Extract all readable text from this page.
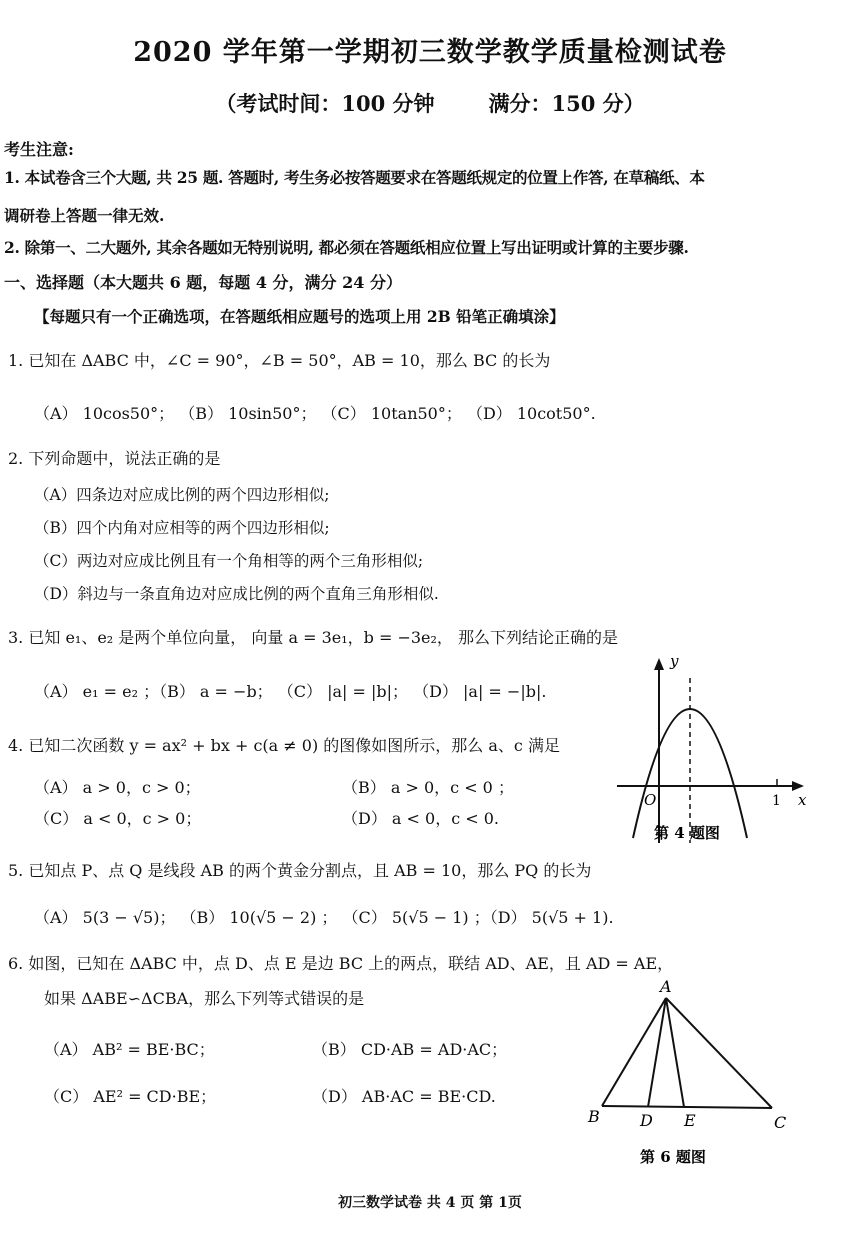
2020 学年第一学期初三数学教学质量检测试卷
（考试时间：100 分钟	满分：150 分）
考生注意:
1. 本试卷含三个大题, 共 25 题. 答题时, 考生务必按答题要求在答题纸规定的位置上作答, 在草稿纸、本
调研卷上答题一律无效.
2. 除第一、二大题外, 其余各题如无特别说明, 都必须在答题纸相应位置上写出证明或计算的主要步骤.
一、选择题（本大题共 6 题，每题 4 分，满分 24 分）
【每题只有一个正确选项，在答题纸相应题号的选项上用 2B 铅笔正确填涂】
1. 已知在 ΔABC 中，∠C = 90°，∠B = 50°，AB = 10，那么 BC 的长为
（A） 10cos50°； （B） 10sin50°； （C） 10tan50°； （D） 10cot50°.
2. 下列命题中，说法正确的是
（A）四条边对应成比例的两个四边形相似;
（B）四个内角对应相等的两个四边形相似;
（C）两边对应成比例且有一个角相等的两个三角形相似;
（D）斜边与一条直角边对应成比例的两个直角三角形相似.
3. 已知 e₁、e₂ 是两个单位向量， 向量 a = 3e₁，b = −3e₂， 那么下列结论正确的是
（A） e₁ = e₂ ；（B） a = −b； （C） |a| = |b|； （D） |a| = −|b|.
4. 已知二次函数 y = ax² + bx + c(a ≠ 0) 的图像如图所示，那么 a、c 满足
（A） a > 0，c > 0；	（B） a > 0，c < 0 ；
（C） a < 0，c > 0；	（D） a < 0，c < 0.
y
x
O	1
第 4 题图
5. 已知点 P、点 Q 是线段 AB 的两个黄金分割点，且 AB = 10，那么 PQ 的长为
（A） 5(3 − √5)； （B） 10(√5 − 2) ； （C） 5(√5 − 1) ；（D） 5(√5 + 1).
6. 如图，已知在 ΔABC 中，点 D、点 E 是边 BC 上的两点，联结 AD、AE，且 AD = AE，
如果 ΔABE∽ΔCBA，那么下列等式错误的是
（A） AB² = BE·BC；	（B） CD·AB = AD·AC；
（C） AE² = CD·BE；	（D） AB·AC = BE·CD.
A
B	D E	C
第 6 题图
初三数学试卷 共 4 页 第 1页
